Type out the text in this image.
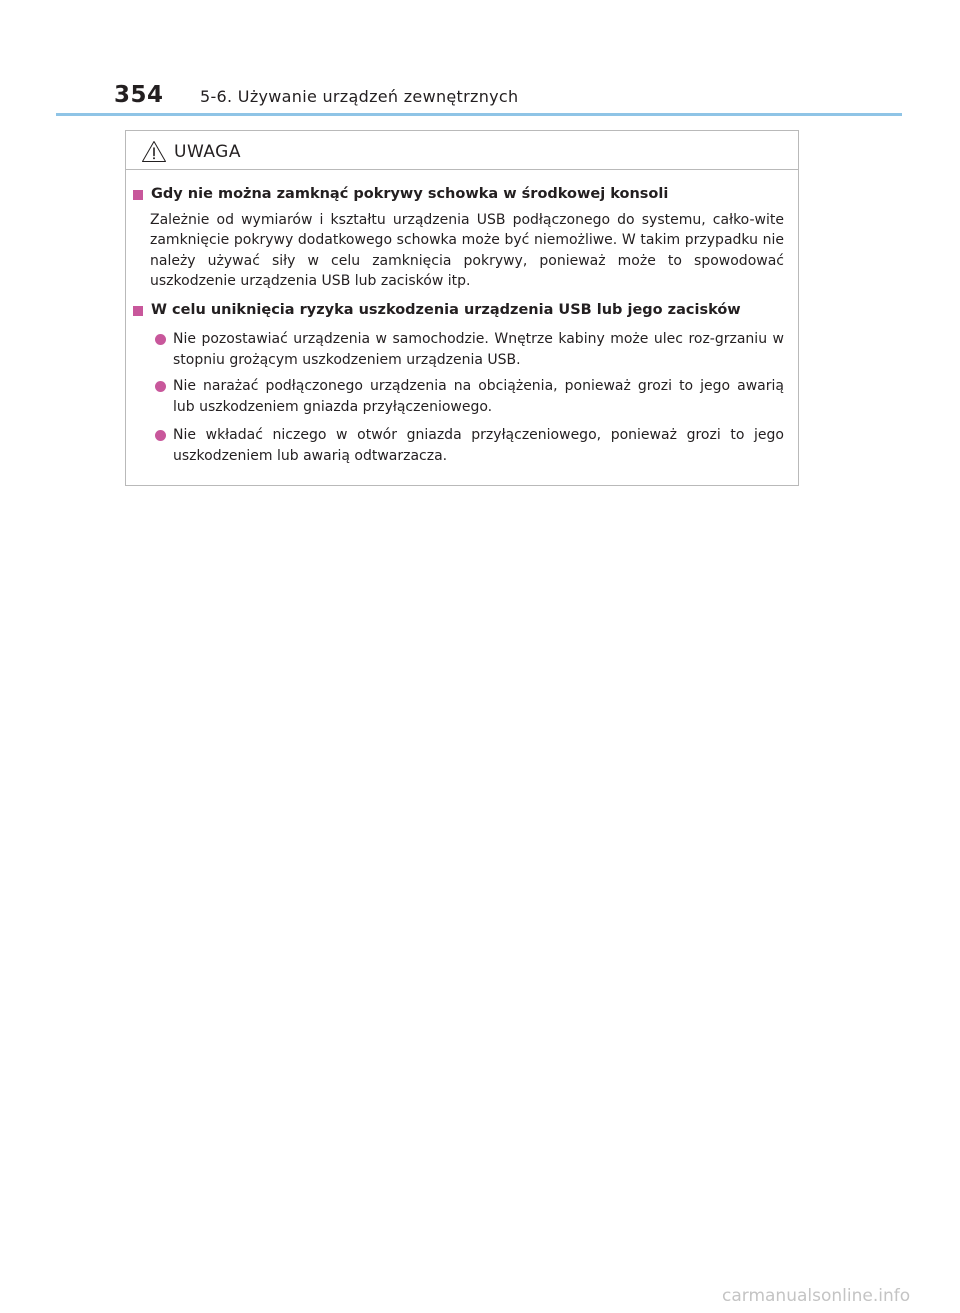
354 5-6. Używanie urządzeń zewnętrznych
UWAGA
Gdy nie można zamknąć pokrywy schowka w środkowej konsoli
Zależnie od wymiarów i kształtu urządzenia USB podłączonego do systemu, całko-wite zamknięcie pokrywy dodatkowego schowka może być niemożliwe. W takim przypadku nie należy używać siły w celu zamknięcia pokrywy, ponieważ może to spowodować uszkodzenie urządzenia USB lub zacisków itp.
W celu uniknięcia ryzyka uszkodzenia urządzenia USB lub jego zacisków
Nie pozostawiać urządzenia w samochodzie. Wnętrze kabiny może ulec roz-grzaniu w stopniu grożącym uszkodzeniem urządzenia USB.
Nie narażać podłączonego urządzenia na obciążenia, ponieważ grozi to jego awarią lub uszkodzeniem gniazda przyłączeniowego.
Nie wkładać niczego w otwór gniazda przyłączeniowego, ponieważ grozi to jego uszkodzeniem lub awarią odtwarzacza.
carmanualsonline.info
